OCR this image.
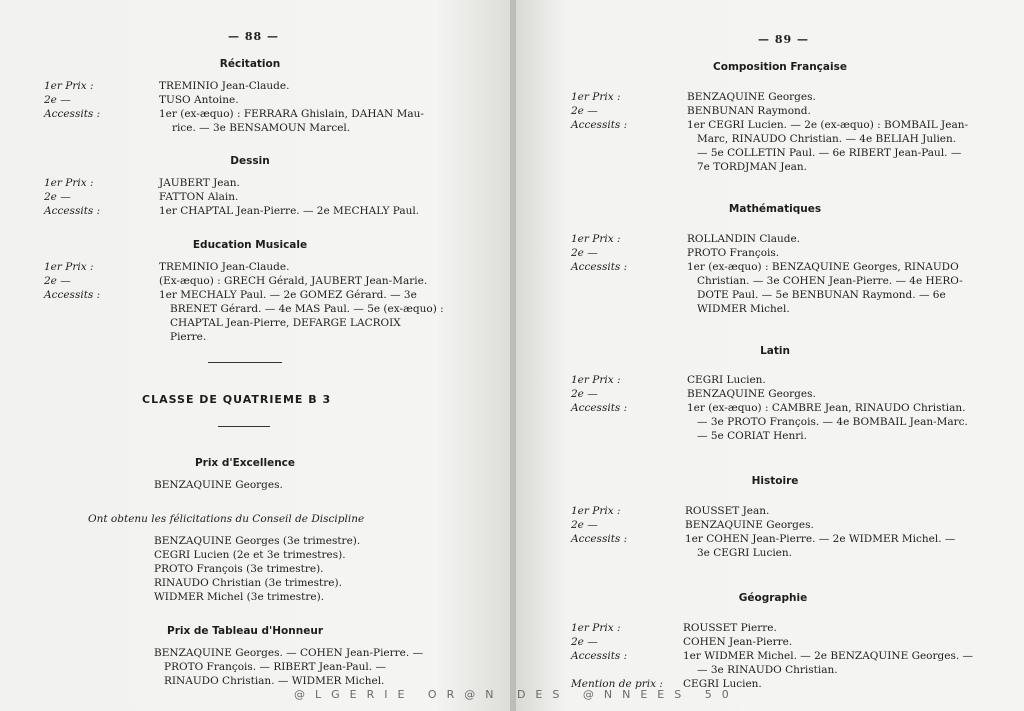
— 88 —
Récitation
1er Prix :
2e —
Accessits :
TREMINIO Jean-Claude.
TUSO Antoine.
1er (ex-æquo) : FERRARA Ghislain, DAHAN Mau-
rice. — 3e BENSAMOUN Marcel.
Dessin
1er Prix :
2e —
Accessits :
JAUBERT Jean.
FATTON Alain.
1er CHAPTAL Jean-Pierre. — 2e MECHALY Paul.
Education Musicale
1er Prix :
2e —
Accessits :
TREMINIO Jean-Claude.
(Ex-æquo) : GRECH Gérald, JAUBERT Jean-Marie.
1er MECHALY Paul. — 2e GOMEZ Gérard. — 3e
BRENET Gérard. — 4e MAS Paul. — 5e (ex-æquo) :
CHAPTAL Jean-Pierre, DEFARGE LACROIX
Pierre.
CLASSE DE QUATRIEME B 3
Prix d'Excellence
BENZAQUINE Georges.
Ont obtenu les félicitations du Conseil de Discipline
BENZAQUINE Georges (3e trimestre).
CEGRI Lucien (2e et 3e trimestres).
PROTO François (3e trimestre).
RINAUDO Christian (3e trimestre).
WIDMER Michel (3e trimestre).
Prix de Tableau d'Honneur
BENZAQUINE Georges. — COHEN Jean-Pierre. —
PROTO François. — RIBERT Jean-Paul. —
RINAUDO Christian. — WIDMER Michel.
— 89 —
Composition Française
1er Prix :
2e —
Accessits :
BENZAQUINE Georges.
BENBUNAN Raymond.
1er CEGRI Lucien. — 2e (ex-æquo) : BOMBAIL Jean-
Marc, RINAUDO Christian. — 4e BELIAH Julien.
— 5e COLLETIN Paul. — 6e RIBERT Jean-Paul. —
7e TORDJMAN Jean.
Mathématiques
1er Prix :
2e —
Accessits :
ROLLANDIN Claude.
PROTO François.
1er (ex-æquo) : BENZAQUINE Georges, RINAUDO
Christian. — 3e COHEN Jean-Pierre. — 4e HERO-
DOTE Paul. — 5e BENBUNAN Raymond. — 6e
WIDMER Michel.
Latin
1er Prix :
2e —
Accessits :
CEGRI Lucien.
BENZAQUINE Georges.
1er (ex-æquo) : CAMBRE Jean, RINAUDO Christian.
— 3e PROTO François. — 4e BOMBAIL Jean-Marc.
— 5e CORIAT Henri.
Histoire
1er Prix :
2e —
Accessits :
ROUSSET Jean.
BENZAQUINE Georges.
1er COHEN Jean-Pierre. — 2e WIDMER Michel. —
3e CEGRI Lucien.
Géographie
1er Prix :
2e —
Accessits :
Mention de prix :
ROUSSET Pierre.
COHEN Jean-Pierre.
1er WIDMER Michel. — 2e BENZAQUINE Georges. —
— 3e RINAUDO Christian.
CEGRI Lucien.
@LGERIE OR@N DES @NNEES 50
